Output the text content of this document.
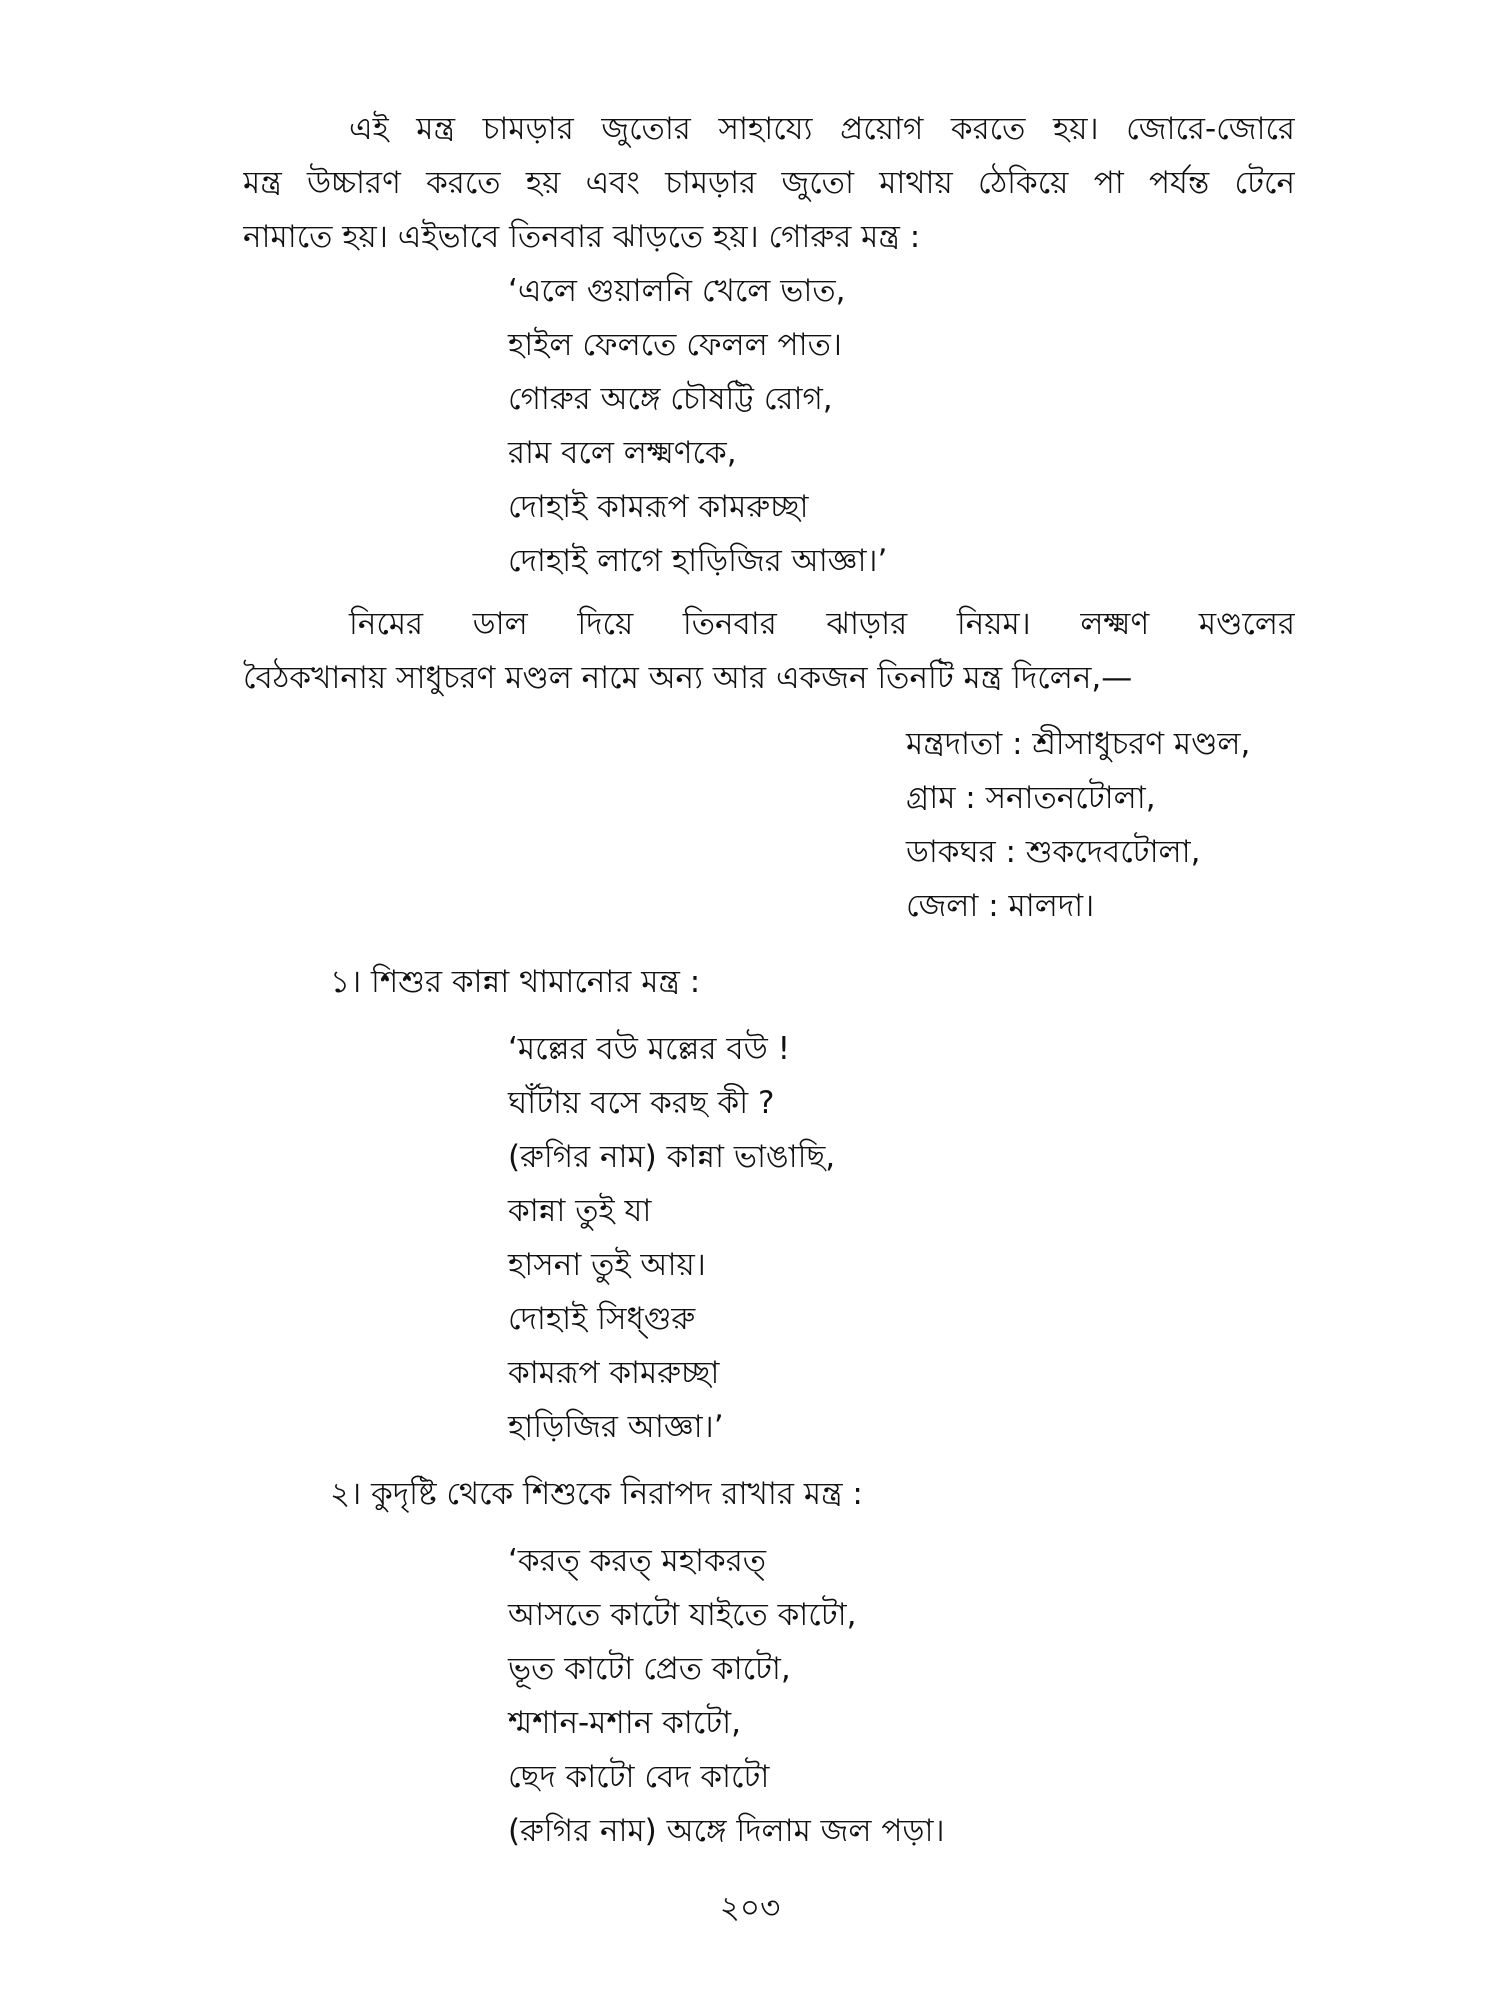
এই মন্ত্র চামড়ার জুতোর সাহায্যে প্রয়োগ করতে হয়। জোরে-জোরে
মন্ত্র উচ্চারণ করতে হয় এবং চামড়ার জুতো মাথায় ঠেকিয়ে পা পর্যন্ত টেনে
নামাতে হয়। এইভাবে তিনবার ঝাড়তে হয়। গোরুর মন্ত্র :
‘এলে গুয়ালনি খেলে ভাত,
হাইল ফেলতে ফেলল পাত।
গোরুর অঙ্গে চৌষট্টি রোগ,
রাম বলে লক্ষ্মণকে,
দোহাই কামরূপ কামরুচ্ছা
দোহাই লাগে হাড়িজির আজ্ঞা।’
নিমের ডাল দিয়ে তিনবার ঝাড়ার নিয়ম। লক্ষ্মণ মণ্ডলের
বৈঠকখানায় সাধুচরণ মণ্ডল নামে অন্য আর একজন তিনটি মন্ত্র দিলেন,—
মন্ত্রদাতা : শ্রীসাধুচরণ মণ্ডল,
গ্রাম : সনাতনটোলা,
ডাকঘর : শুকদেবটোলা,
জেলা : মালদা।
১। শিশুর কান্না থামানোর মন্ত্র :
‘মল্লের বউ মল্লের বউ !
ঘাঁটায় বসে করছ কী ?
(রুগির নাম) কান্না ভাঙাছি,
কান্না তুই যা
হাসনা তুই আয়।
দোহাই সিধ্গুরু
কামরূপ কামরুচ্ছা
হাড়িজির আজ্ঞা।’
২। কুদৃষ্টি থেকে শিশুকে নিরাপদ রাখার মন্ত্র :
‘করত্ করত্ মহাকরত্
আসতে কাটো যাইতে কাটো,
ভূত কাটো প্রেত কাটো,
শ্মশান-মশান কাটো,
ছেদ কাটো বেদ কাটো
(রুগির নাম) অঙ্গে দিলাম জল পড়া।
২০৩
